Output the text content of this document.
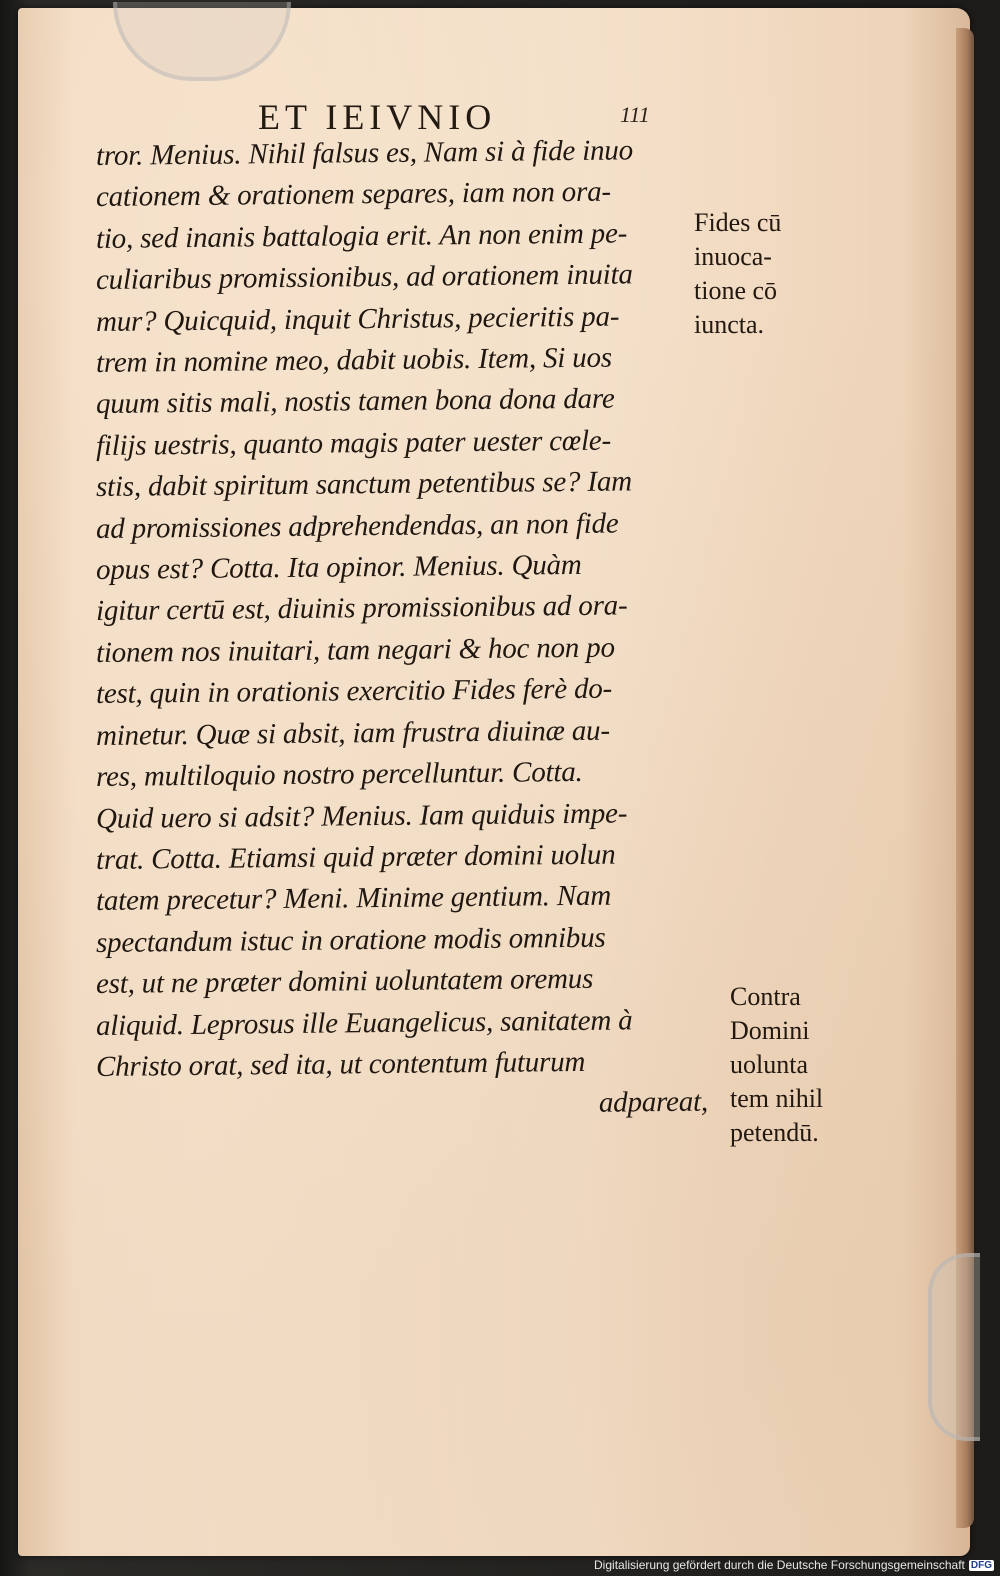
ET IEIVNIO	111
tror. Menius. Nihil falsus es, Nam si à fide inuo
cationem & orationem separes, iam non ora-
tio, sed inanis battalogia erit. An non enim pe-
culiaribus promissionibus, ad orationem inuita
mur? Quicquid, inquit Christus, pecieritis pa-
trem in nomine meo, dabit uobis. Item, Si uos
quum sitis mali, nostis tamen bona dona dare
filijs uestris, quanto magis pater uester cœle-
stis, dabit spiritum sanctum petentibus se? Iam
ad promissiones adprehendendas, an non fide
opus est? Cotta. Ita opinor. Menius. Quàm
igitur certū est, diuinis promissionibus ad ora-
tionem nos inuitari, tam negari & hoc non po
test, quin in orationis exercitio Fides ferè do-
minetur. Quæ si absit, iam frustra diuinæ au-
res, multiloquio nostro percelluntur. Cotta.
Quid uero si adsit? Menius. Iam quiduis impe-
trat. Cotta. Etiamsi quid præter domini uolun
tatem precetur? Meni. Minime gentium. Nam
spectandum istuc in oratione modis omnibus
est, ut ne præter domini uoluntatem oremus
aliquid. Leprosus ille Euangelicus, sanitatem à
Christo orat, sed ita, ut contentum futurum
adpareat,
Fides cū
inuoca-
tione cō
iuncta.
Contra
Domini
uolunta
tem nihil
petendū.
Digitalisierung gefördert durch die Deutsche Forschungsgemeinschaft DFG
